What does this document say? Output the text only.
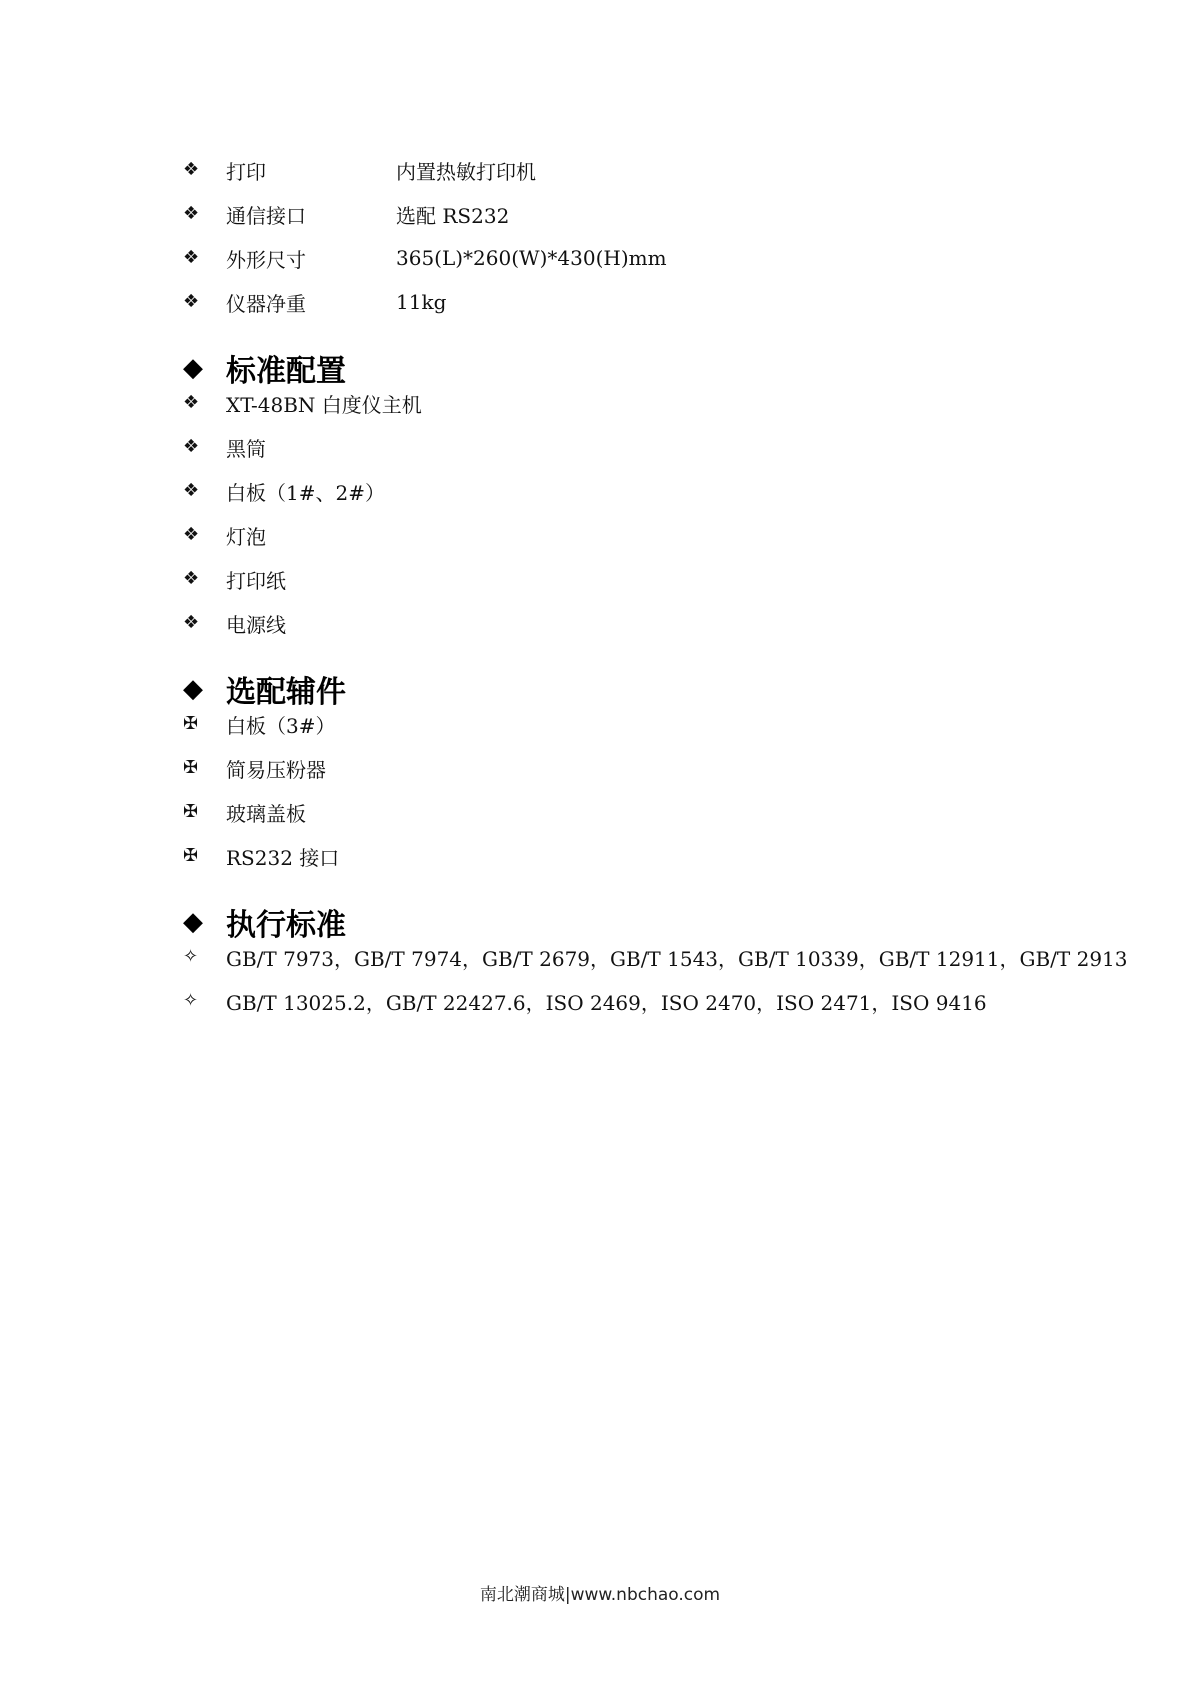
❖	打印	内置热敏打印机
❖	通信接口	选配 RS232
❖	外形尺寸	365(L)*260(W)*430(H)mm
❖	仪器净重	11kg
◆ 标准配置
❖	XT-48BN 白度仪主机
❖	黑筒
❖	白板（1#、2#）
❖	灯泡
❖	打印纸
❖	电源线
◆ 选配辅件
✠	白板（3#）
✠	简易压粉器
✠	玻璃盖板
✠	RS232 接口
◆ 执行标准
✧	GB/T 7973，GB/T 7974，GB/T 2679，GB/T 1543，GB/T 10339，GB/T 12911，GB/T 2913
✧	GB/T 13025.2，GB/T 22427.6，ISO 2469，ISO 2470，ISO 2471，ISO 9416
南北潮商城|www.nbchao.com
